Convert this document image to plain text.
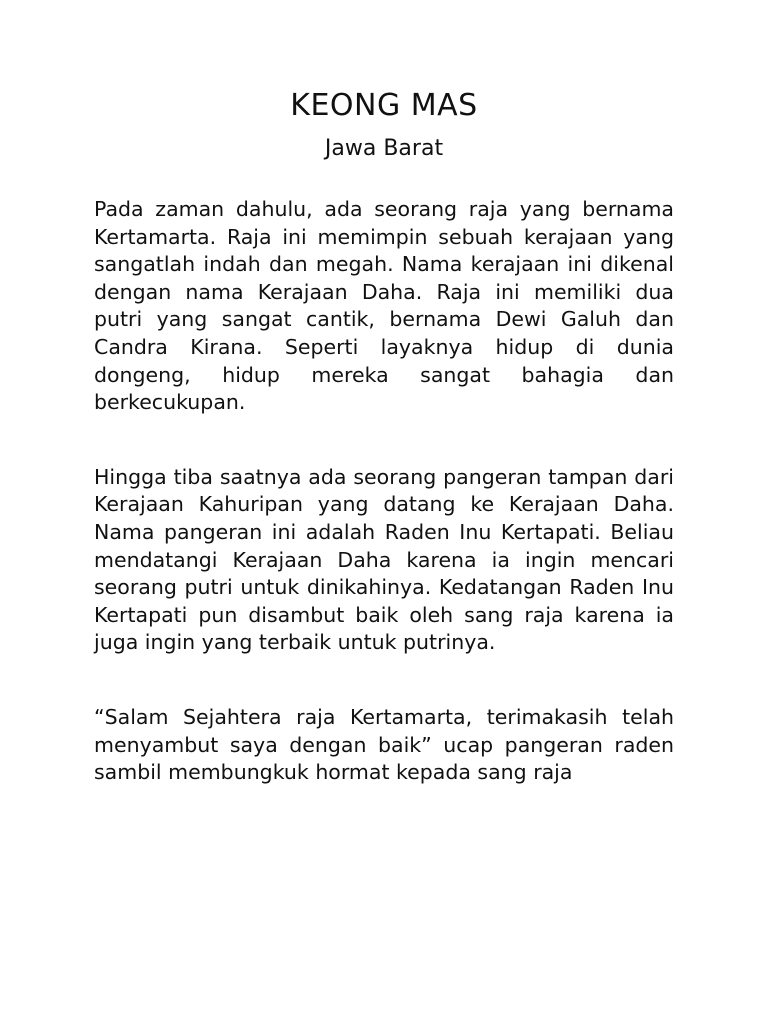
KEONG MAS
Jawa Barat

Pada zaman dahulu, ada seorang raja yang bernama Kertamarta. Raja ini memimpin sebuah kerajaan yang sangatlah indah dan megah. Nama kerajaan ini dikenal dengan nama Kerajaan Daha. Raja ini memiliki dua putri yang sangat cantik, bernama Dewi Galuh dan Candra Kirana. Seperti layaknya hidup di dunia dongeng, hidup mereka sangat bahagia dan berkecukupan.

Hingga tiba saatnya ada seorang pangeran tampan dari Kerajaan Kahuripan yang datang ke Kerajaan Daha. Nama pangeran ini adalah Raden Inu Kertapati. Beliau mendatangi Kerajaan Daha karena ia ingin mencari seorang putri untuk dinikahinya. Kedatangan Raden Inu Kertapati pun disambut baik oleh sang raja karena ia juga ingin yang terbaik untuk putrinya.

“Salam Sejahtera raja Kertamarta, terimakasih telah menyambut saya dengan baik” ucap pangeran raden sambil membungkuk hormat kepada sang raja
